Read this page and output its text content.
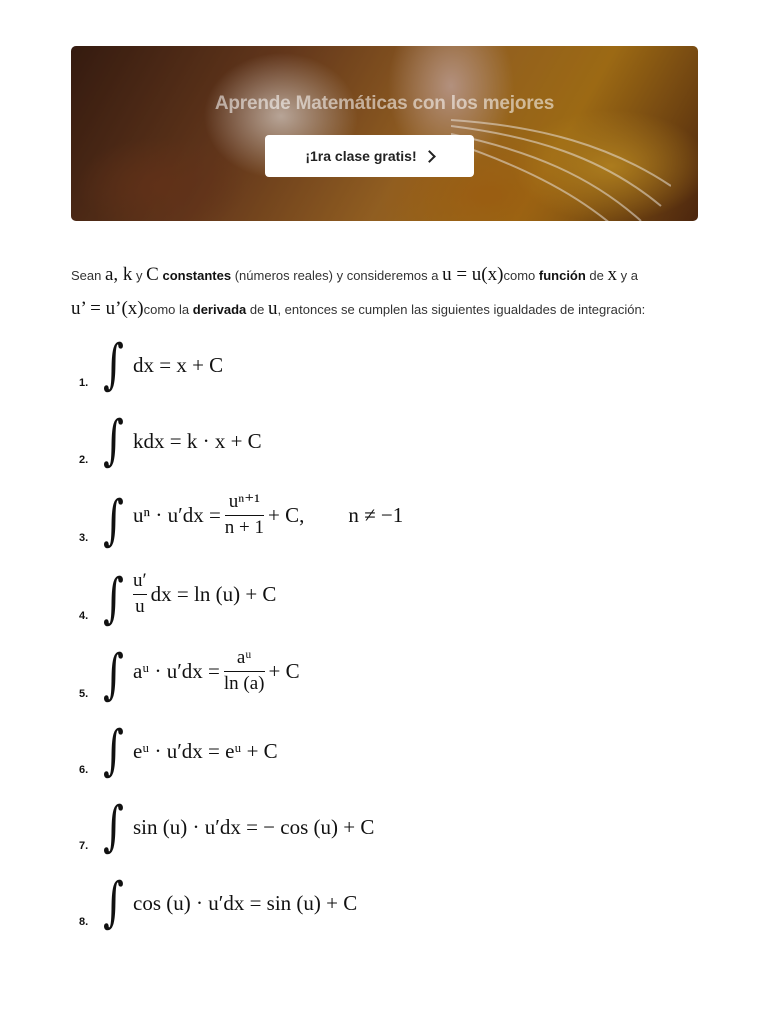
Aprende Matemáticas con los mejores
¡1ra clase gratis!
Sean a, k y C constantes (números reales) y consideremos a u = u(x)como función de x y a
u’ = u’(x)como la derivada de u, entonces se cumplen las siguientes igualdades de integración:
1. ∫ dx = x + C
2. ∫ kdx = k · x + C
3. ∫ $u^n \cdot u'dx = \frac{\text{uⁿ⁺¹}}{n + 1} + C$, n ≠ −1
4. ∫ $\frac{u'}{u}$ dx = ln (u) + C
5. ∫ aᵘ · $u'dx = \frac{\text{aᵘ}}{\ln (a)} + C$
6. ∫ eᵘ · u′dx = eᵘ + C
7. ∫ sin (u) · u′dx = − cos (u) + C
8. ∫ cos (u) · u′dx = sin (u) + C
